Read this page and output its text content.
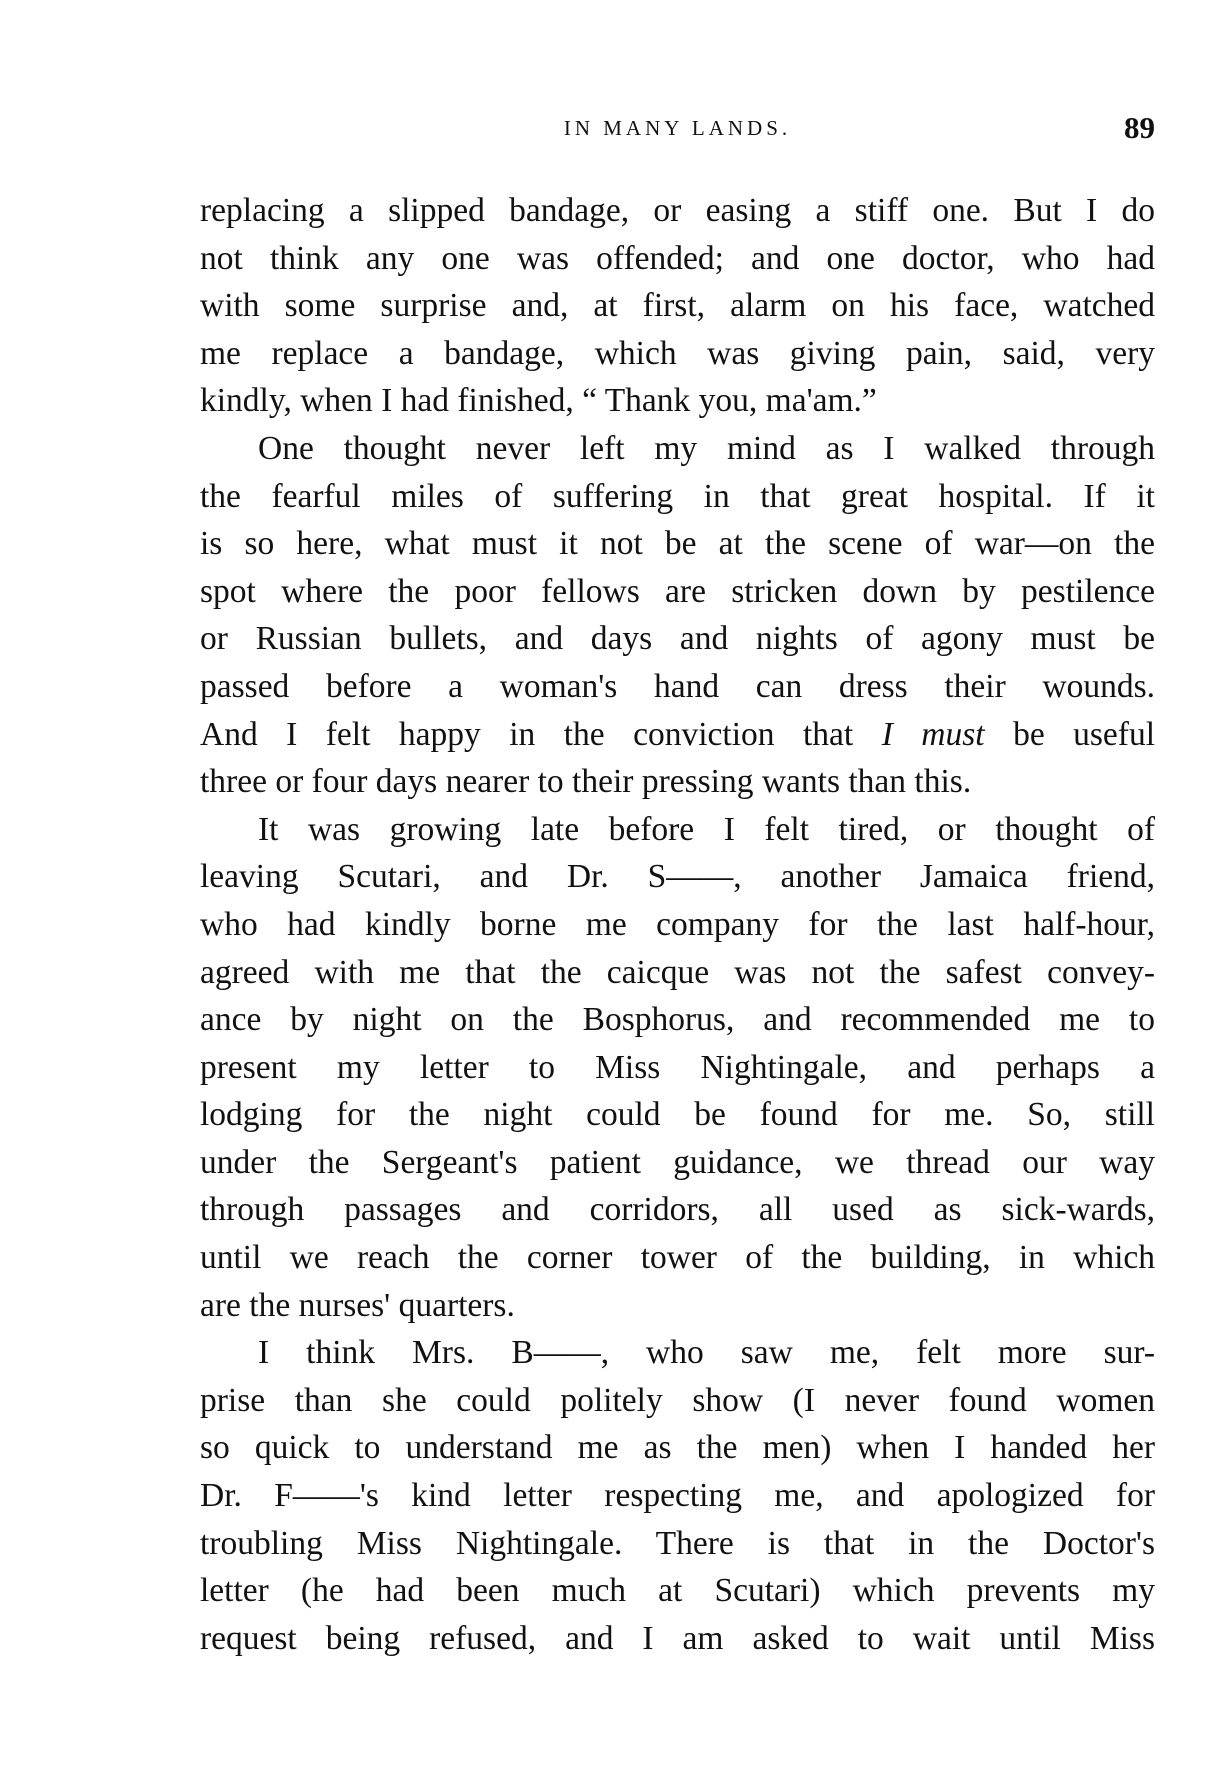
IN MANY LANDS.	89
replacing a slipped bandage, or easing a stiff one. But I do
not think any one was offended; and one doctor, who had
with some surprise and, at first, alarm on his face, watched
me replace a bandage, which was giving pain, said, very
kindly, when I had finished, “ Thank you, ma'am.”
One thought never left my mind as I walked through
the fearful miles of suffering in that great hospital. If it
is so here, what must it not be at the scene of war—on the
spot where the poor fellows are stricken down by pestilence
or Russian bullets, and days and nights of agony must be
passed before a woman's hand can dress their wounds.
And I felt happy in the conviction that I must be useful
three or four days nearer to their pressing wants than this.
It was growing late before I felt tired, or thought of
leaving Scutari, and Dr. S——, another Jamaica friend,
who had kindly borne me company for the last half-hour,
agreed with me that the caicque was not the safest convey-
ance by night on the Bosphorus, and recommended me to
present my letter to Miss Nightingale, and perhaps a
lodging for the night could be found for me. So, still
under the Sergeant's patient guidance, we thread our way
through passages and corridors, all used as sick-wards,
until we reach the corner tower of the building, in which
are the nurses' quarters.
I think Mrs. B——, who saw me, felt more sur-
prise than she could politely show (I never found women
so quick to understand me as the men) when I handed her
Dr. F——'s kind letter respecting me, and apologized for
troubling Miss Nightingale. There is that in the Doctor's
letter (he had been much at Scutari) which prevents my
request being refused, and I am asked to wait until Miss
